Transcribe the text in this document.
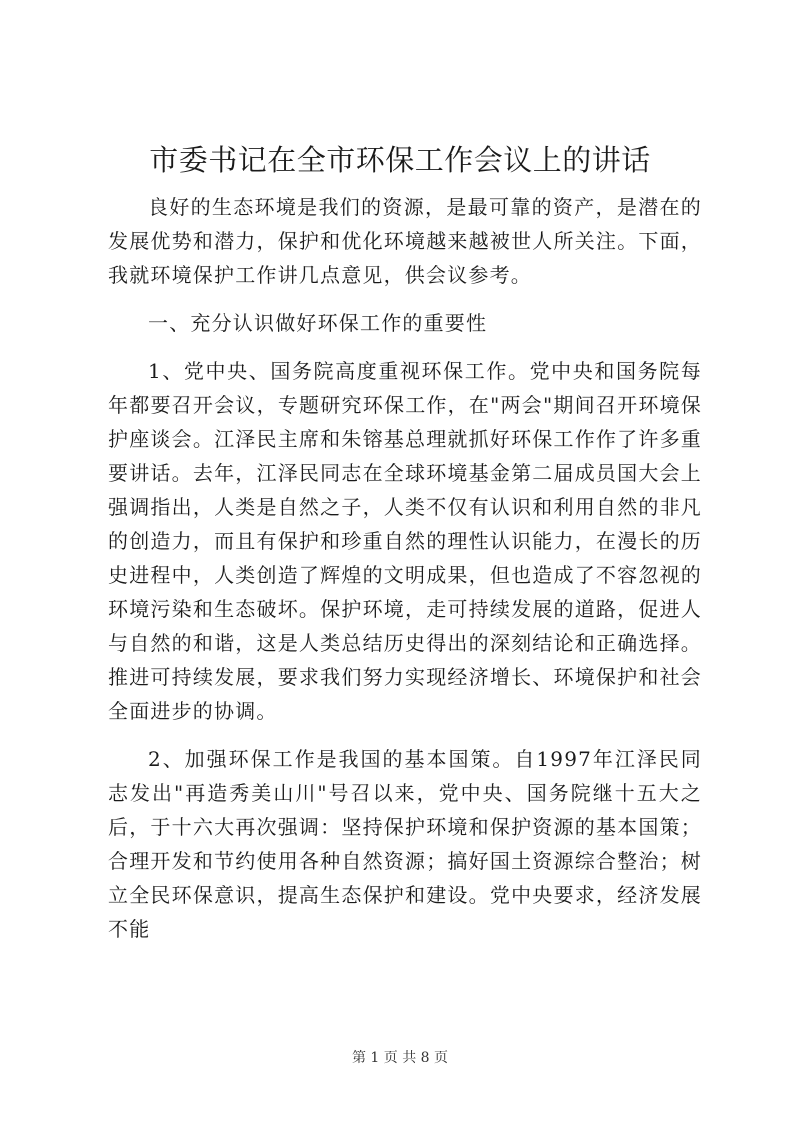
市委书记在全市环保工作会议上的讲话

良好的生态环境是我们的资源，是最可靠的资产，是潜在的发展优势和潜力，保护和优化环境越来越被世人所关注。下面，我就环境保护工作讲几点意见，供会议参考。

一、充分认识做好环保工作的重要性

1、党中央、国务院高度重视环保工作。党中央和国务院每年都要召开会议，专题研究环保工作，在"两会"期间召开环境保护座谈会。江泽民主席和朱镕基总理就抓好环保工作作了许多重要讲话。去年，江泽民同志在全球环境基金第二届成员国大会上强调指出，人类是自然之子，人类不仅有认识和利用自然的非凡的创造力，而且有保护和珍重自然的理性认识能力，在漫长的历史进程中，人类创造了辉煌的文明成果，但也造成了不容忽视的环境污染和生态破坏。保护环境，走可持续发展的道路，促进人与自然的和谐，这是人类总结历史得出的深刻结论和正确选择。推进可持续发展，要求我们努力实现经济增长、环境保护和社会全面进步的协调。

2、加强环保工作是我国的基本国策。自1997年江泽民同志发出"再造秀美山川"号召以来，党中央、国务院继十五大之后，于十六大再次强调：坚持保护环境和保护资源的基本国策；合理开发和节约使用各种自然资源；搞好国土资源综合整治；树立全民环保意识，提高生态保护和建设。党中央要求，经济发展不能

第 1 页 共 8 页
